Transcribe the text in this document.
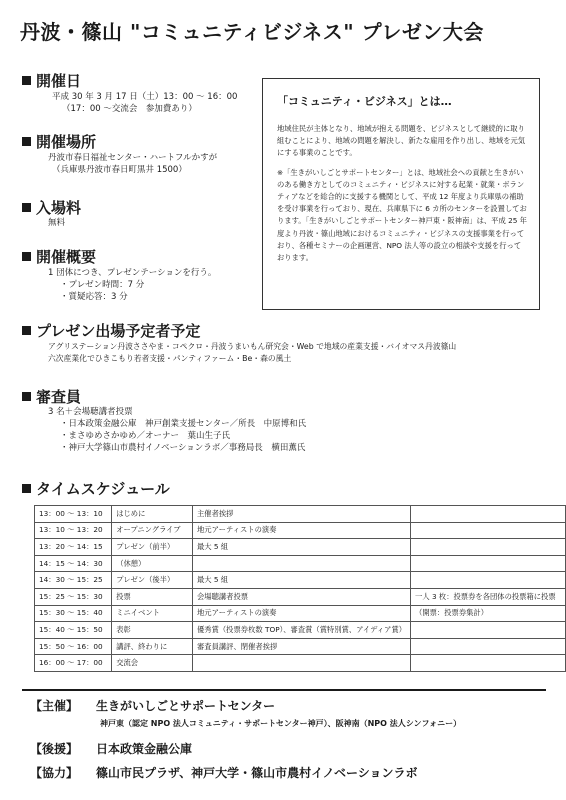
丹波・篠山 "コミュニティビジネス" プレゼン大会
開催日
平成 30 年 3 月 17 日（土）13：00 ～ 16：00
（17：00 ～交流会　参加費あり）
開催場所
丹波市春日福祉センター・ハートフルかすが
（兵庫県丹波市春日町黒井 1500）
入場料
無料
開催概要
1 団体につき、プレゼンテーションを行う。
・プレゼン時間：7 分
・質疑応答：3 分
「コミュニティ・ビジネス」とは…

地域住民が主体となり、地域が抱える問題を、ビジネスとして継続的に取り組むことにより、地域の問題を解決し、新たな雇用を作り出し、地域を元気にする事業のことです。

※「生きがいしごとサポートセンター」とは、地域社会への貢献と生きがいのある働き方としてのコミュニティ・ビジネスに対する起業・就業・ボランティアなどを総合的に支援する機関として、平成 12 年度より兵庫県の補助を受け事業を行っており、現在、兵庫県下に 6 カ所のセンターを設置しております。「生きがいしごとサポートセンター神戸東・阪神南」は、平成 25 年度より丹波・篠山地域におけるコミュニティ・ビジネスの支援事業を行っており、各種セミナーの企画運営、NPO 法人等の設立の相談や支援を行っております。

プレゼン出場予定者予定
アグリステーション丹波ささやま・コペクロ・丹波うまいもん研究会・Web で地域の産業支援・バイオマス丹波篠山
六次産業化でひきこもり若者支援・パンティファーム・Be・森の風土
審査員
3 名＋会場聴講者投票
・日本政策金融公庫　神戸創業支援センター／所長　中原博和氏
・まさゆめさかゆめ／オーナー　葉山生子氏
・神戸大学篠山市農村イノベーションラボ／事務局長　横田薫氏
タイムスケジュール
13：00 ～ 13：10	はじめに	主催者挨拶	
13：10 ～ 13：20	オープニングライブ	地元アーティストの演奏	
13：20 ～ 14：15	プレゼン（前半）	最大 5 組	
14：15 ～ 14：30	（休憩）		
14：30 ～ 15：25	プレゼン（後半）	最大 5 組	
15：25 ～ 15：30	投票	会場聴講者投票	一人 3 枚：投票券を各団体の投票箱に投票
15：30 ～ 15：40	ミニイベント	地元アーティストの演奏	（開票：投票券集計）
15：40 ～ 15：50	表彰	優秀賞（投票券枚数 TOP）、審査賞（賞特別賞、アイディア賞）	
15：50 ～ 16：00	講評、終わりに	審査員講評、閉催者挨拶	
16：00 ～ 17：00	交流会		
【主催】 生きがいしごとサポートセンター
神戸東（認定 NPO 法人コミュニティ・サポートセンター神戸）、阪神南（NPO 法人シンフォニー）
【後援】 日本政策金融公庫
【協力】 篠山市民プラザ、神戸大学・篠山市農村イノベーションラボ
